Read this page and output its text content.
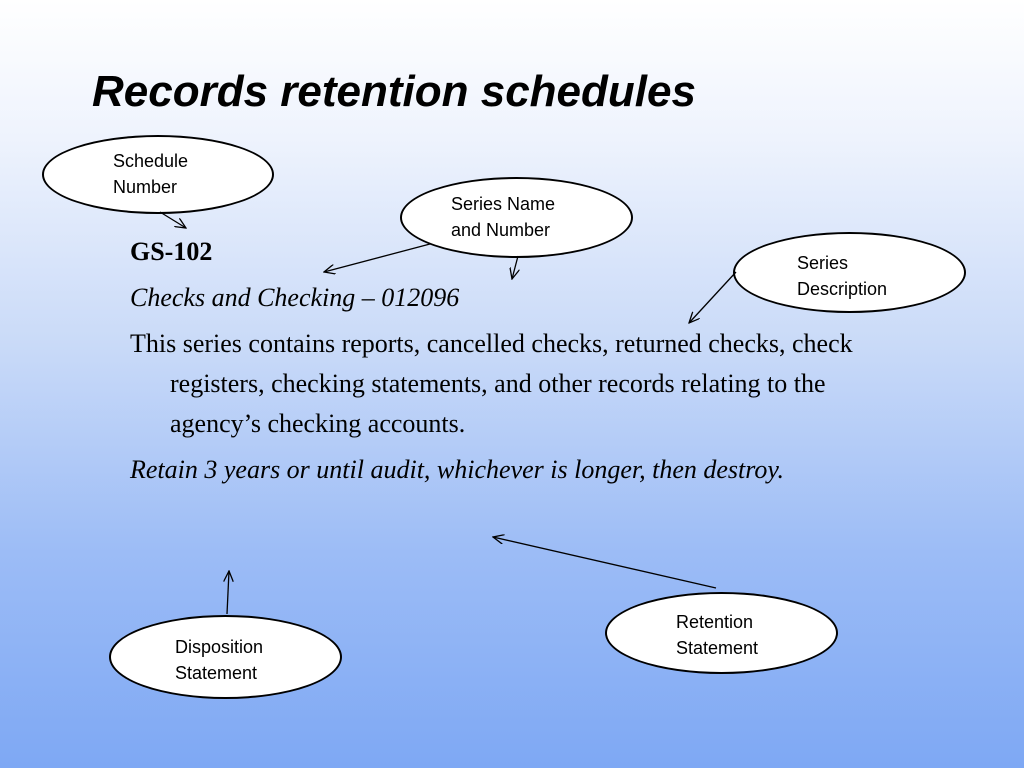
Records retention schedules

GS-102

Checks and Checking – 012096

This series contains reports, cancelled checks, returned checks, check registers, checking statements, and other records relating to the agency’s checking accounts.

Retain 3 years or until audit, whichever is longer, then destroy.

Schedule
Number

Series Name
and Number

Series
Description

Retention
Statement

Disposition
Statement
